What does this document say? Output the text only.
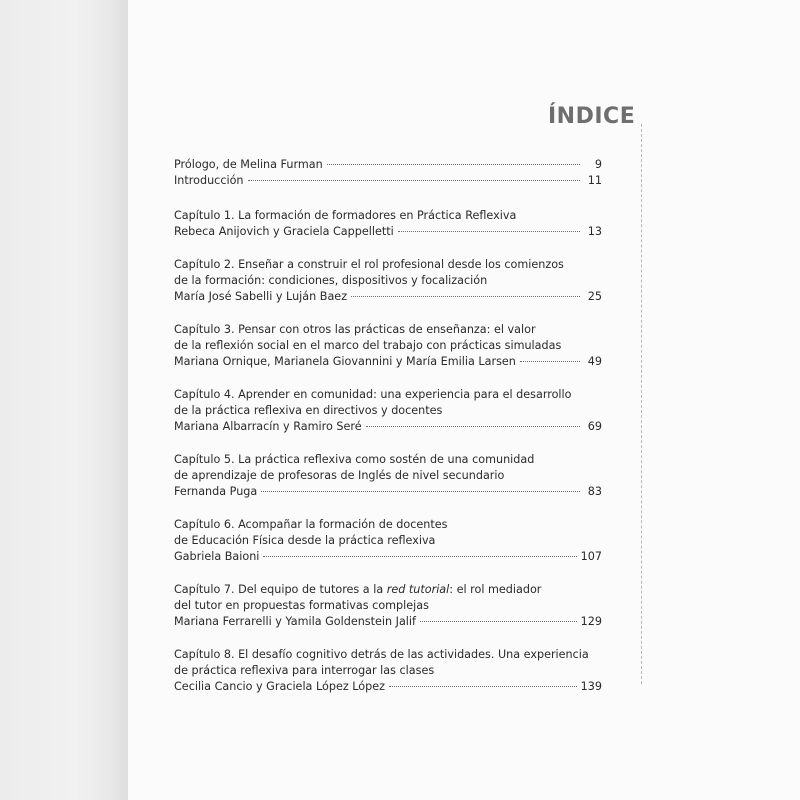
ÍNDICE
Prólogo, de Melina Furman	9
Introducción	11
Capítulo 1. La formación de formadores en Práctica Reflexiva
Rebeca Anijovich y Graciela Cappelletti	13
Capítulo 2. Enseñar a construir el rol profesional desde los comienzos
de la formación: condiciones, dispositivos y focalización
María José Sabelli y Luján Baez	25
Capítulo 3. Pensar con otros las prácticas de enseñanza: el valor
de la reflexión social en el marco del trabajo con prácticas simuladas
Mariana Ornique, Marianela Giovannini y María Emilia Larsen	49
Capítulo 4. Aprender en comunidad: una experiencia para el desarrollo
de la práctica reflexiva en directivos y docentes
Mariana Albarracín y Ramiro Seré	69
Capítulo 5. La práctica reflexiva como sostén de una comunidad
de aprendizaje de profesoras de Inglés de nivel secundario
Fernanda Puga	83
Capítulo 6. Acompañar la formación de docentes
de Educación Física desde la práctica reflexiva
Gabriela Baioni	107
Capítulo 7. Del equipo de tutores a la red tutorial: el rol mediador
del tutor en propuestas formativas complejas
Mariana Ferrarelli y Yamila Goldenstein Jalif	129
Capítulo 8. El desafío cognitivo detrás de las actividades. Una experiencia
de práctica reflexiva para interrogar las clases
Cecilia Cancio y Graciela López López	139
